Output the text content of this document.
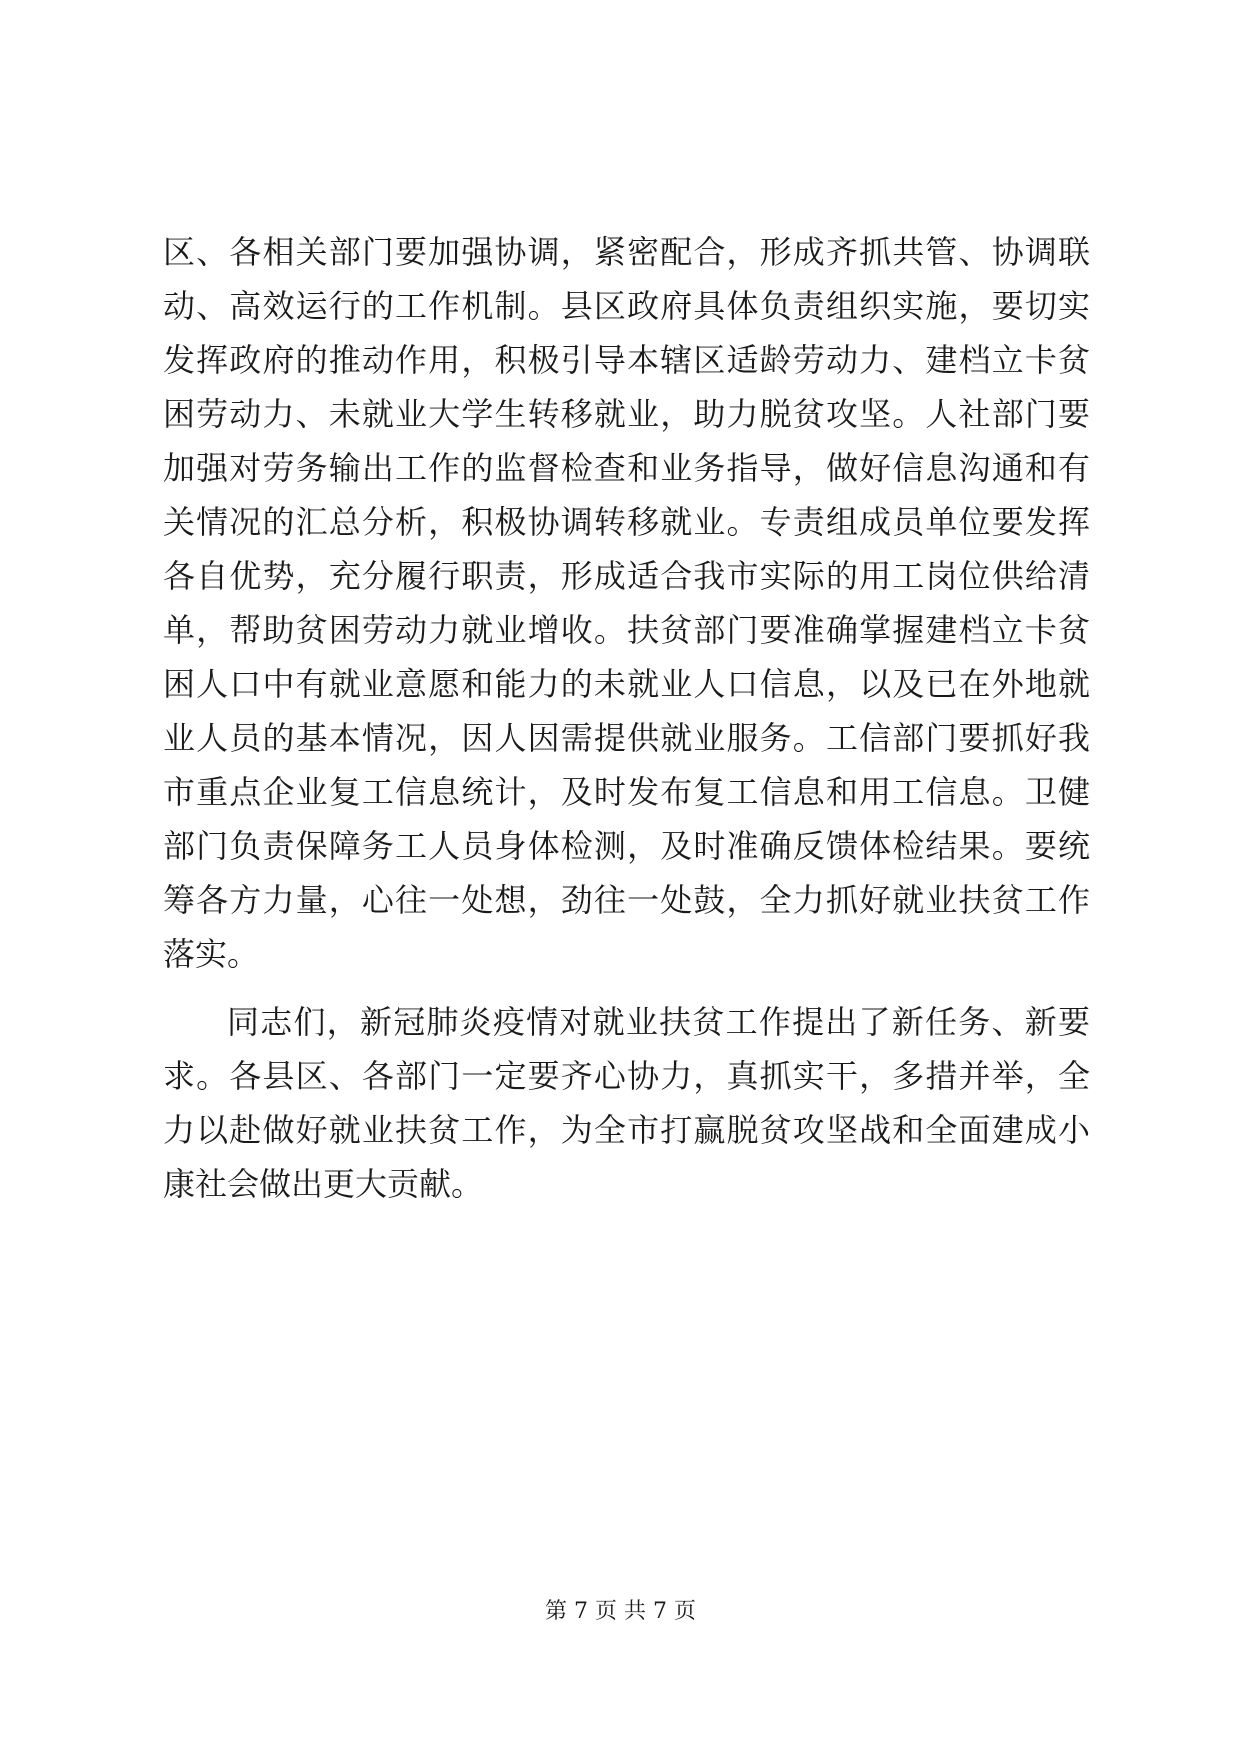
区、各相关部门要加强协调，紧密配合，形成齐抓共管、协调联
动、高效运行的工作机制。县区政府具体负责组织实施，要切实
发挥政府的推动作用，积极引导本辖区适龄劳动力、建档立卡贫
困劳动力、未就业大学生转移就业，助力脱贫攻坚。人社部门要
加强对劳务输出工作的监督检查和业务指导，做好信息沟通和有
关情况的汇总分析，积极协调转移就业。专责组成员单位要发挥
各自优势，充分履行职责，形成适合我市实际的用工岗位供给清
单，帮助贫困劳动力就业增收。扶贫部门要准确掌握建档立卡贫
困人口中有就业意愿和能力的未就业人口信息，以及已在外地就
业人员的基本情况，因人因需提供就业服务。工信部门要抓好我
市重点企业复工信息统计，及时发布复工信息和用工信息。卫健
部门负责保障务工人员身体检测，及时准确反馈体检结果。要统
筹各方力量，心往一处想，劲往一处鼓，全力抓好就业扶贫工作
落实。
同志们，新冠肺炎疫情对就业扶贫工作提出了新任务、新要
求。各县区、各部门一定要齐心协力，真抓实干，多措并举，全
力以赴做好就业扶贫工作，为全市打赢脱贫攻坚战和全面建成小
康社会做出更大贡献。
第 7 页 共 7 页
